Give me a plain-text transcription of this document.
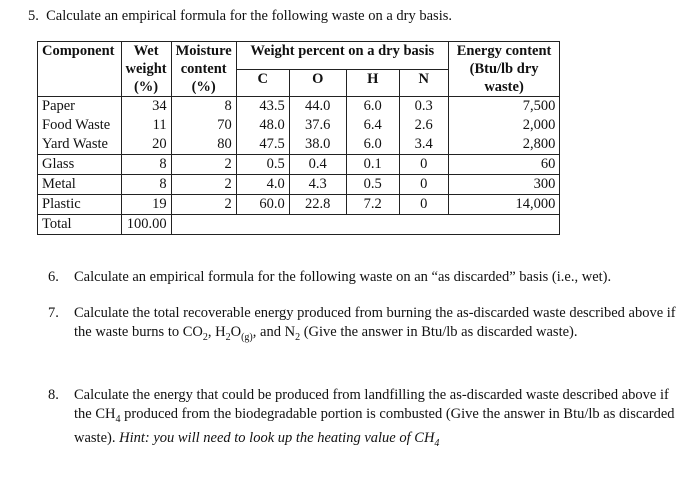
5. Calculate an empirical formula for the following waste on a dry basis.
Component	Wet
weight
(%)	Moisture
content
(%)	Weight percent on a dry basis				Energy content
(Btu/lb dry
waste)
			C	O	H	N	
Paper	34	8	43.5	44.0	6.0	0.3	7,500
Food Waste	11	70	48.0	37.6	6.4	2.6	2,000
Yard Waste	20	80	47.5	38.0	6.0	3.4	2,800
Glass	8	2	0.5	0.4	0.1	0	60
Metal	8	2	4.0	4.3	0.5	0	300
Plastic	19	2	60.0	22.8	7.2	0	14,000
Total	100.00						
6. Calculate an empirical formula for the following waste on an “as discarded” basis (i.e., wet).
7. Calculate the total recoverable energy produced from burning the as-discarded waste described above if the waste burns to $CO_2$, $H_2O_{(g)}$, and $N_2$ (Give the answer in Btu/lb as discarded waste).
8. Calculate the energy that could be produced from landfilling the as-discarded waste described above if the $CH_4$ produced from the biodegradable portion is combusted (Give the answer in Btu/lb as discarded waste). Hint: you will need to look up the heating value of $CH_4$
